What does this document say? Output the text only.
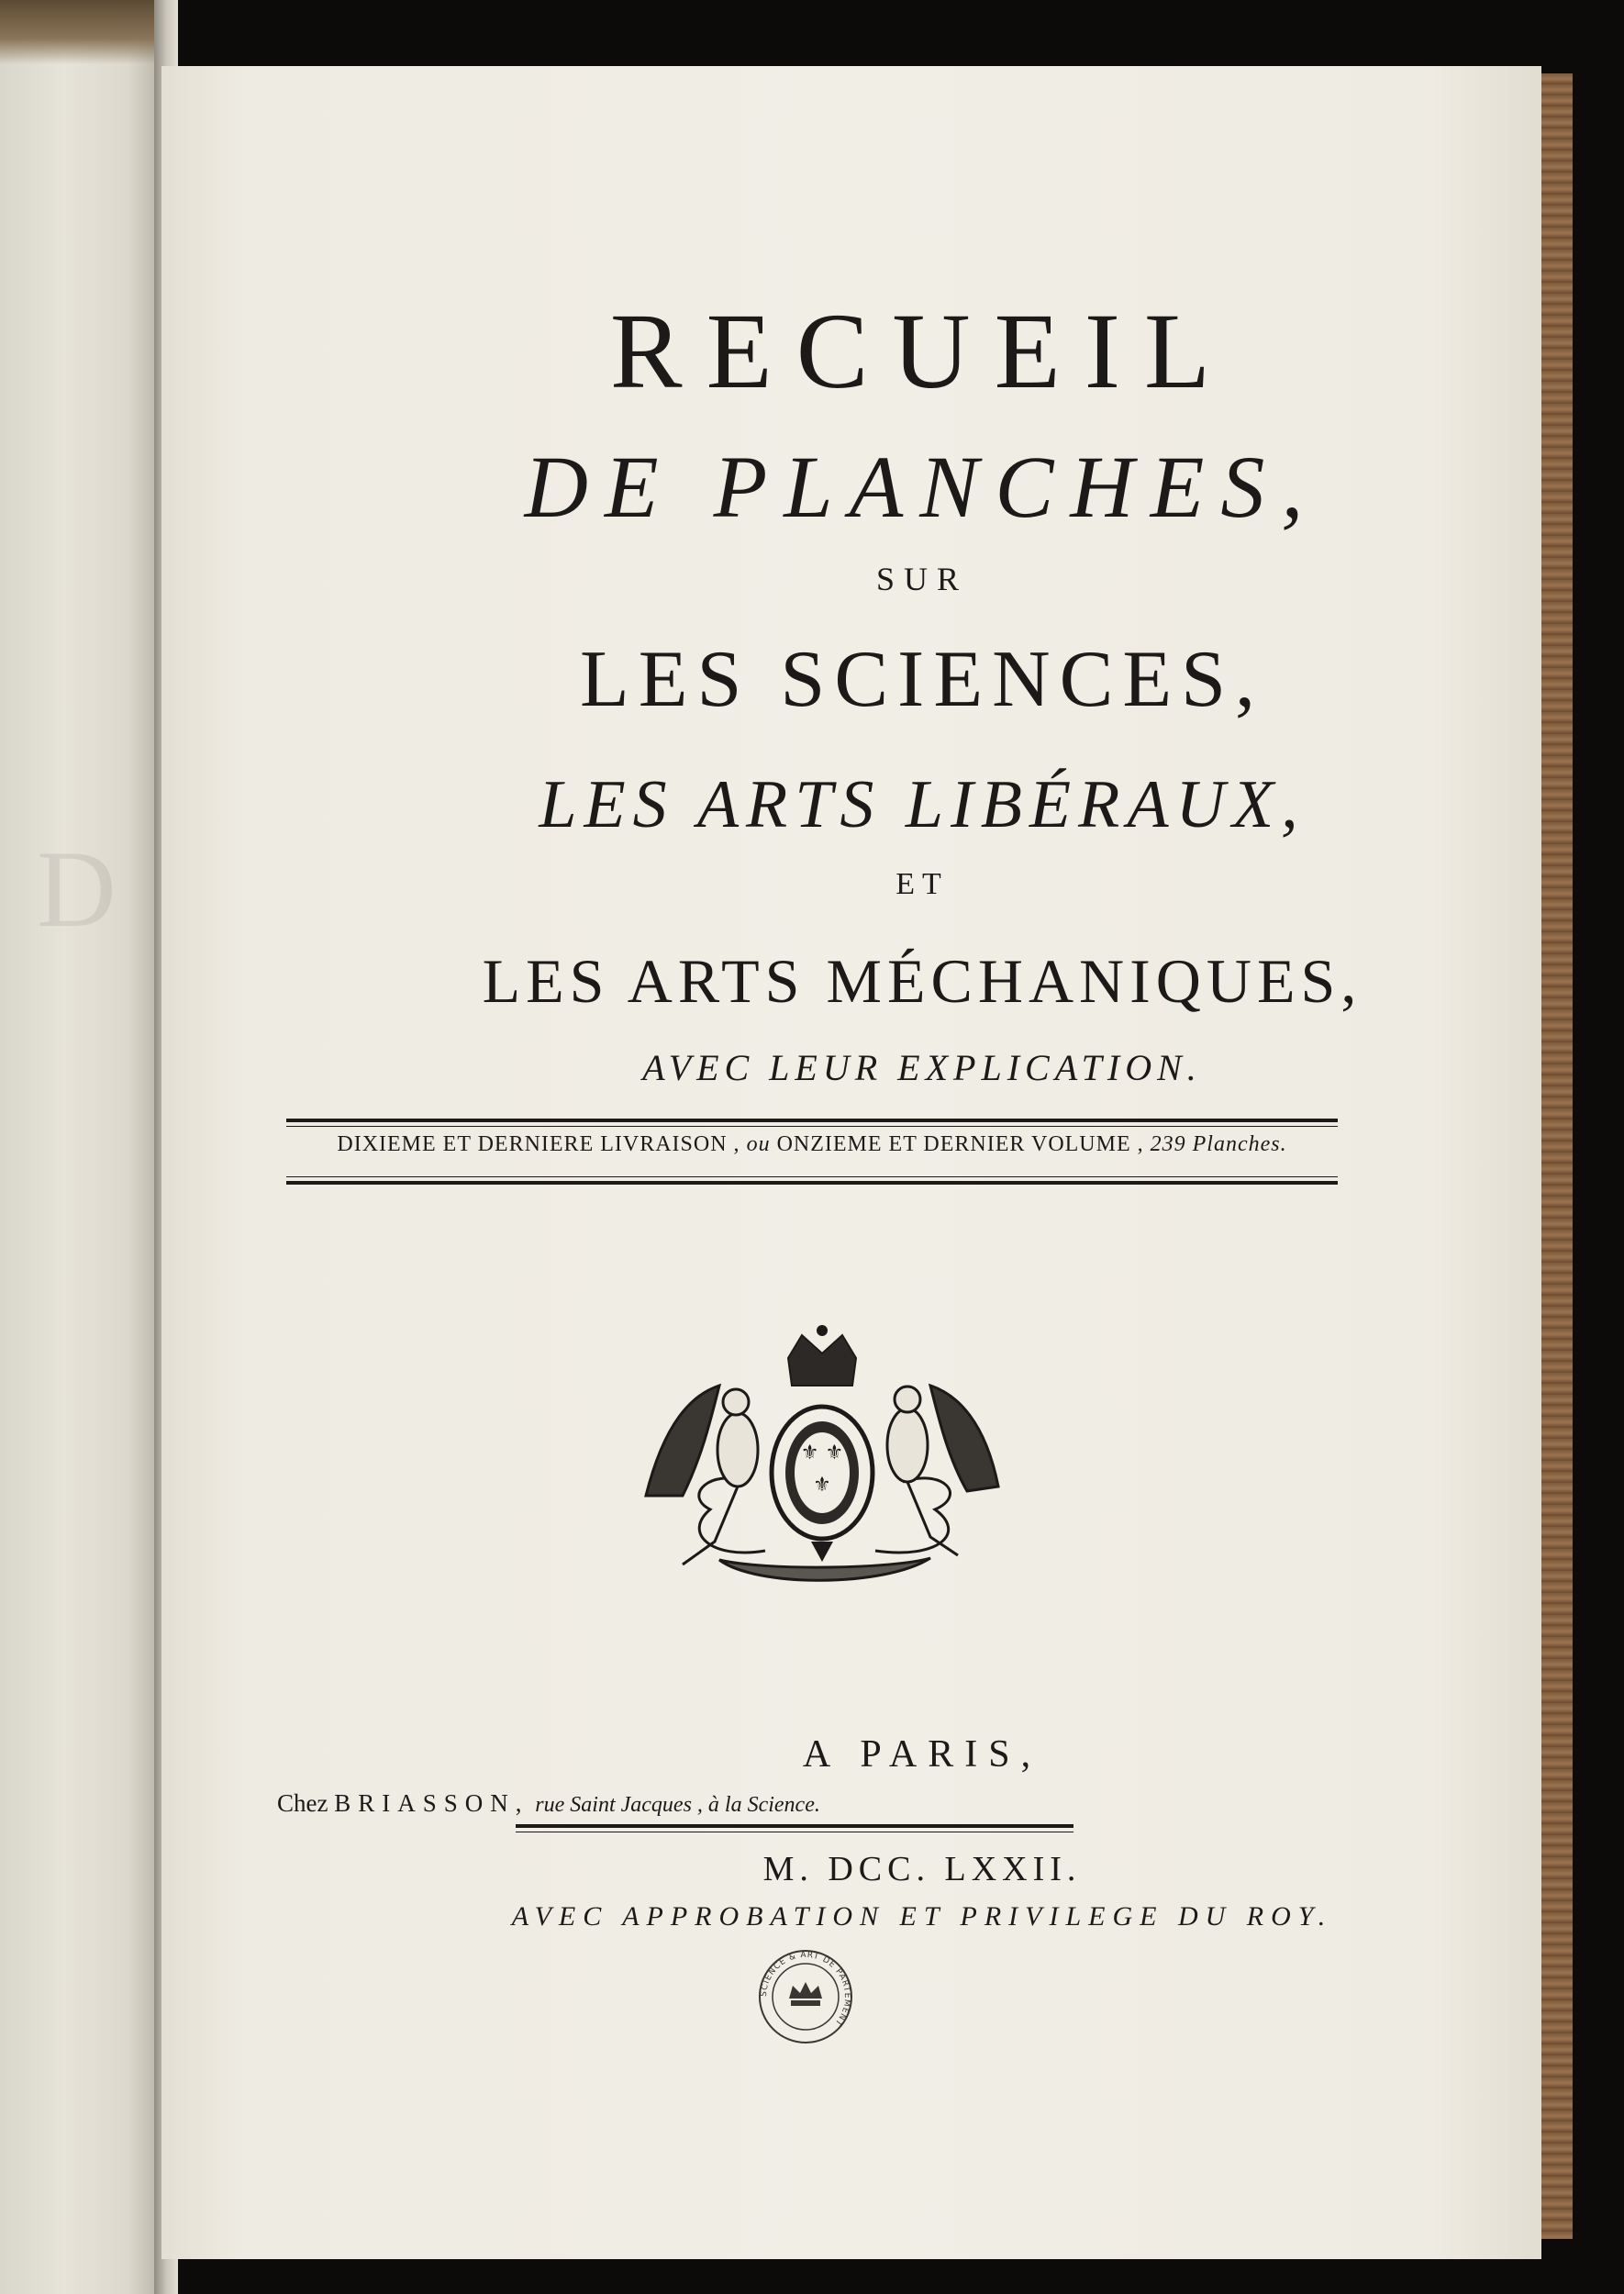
D
RECUEIL
DE PLANCHES,
SUR
LES SCIENCES,
LES ARTS LIBÉRAUX,
ET
LES ARTS MÉCHANIQUES,
AVEC LEUR EXPLICATION.
DIXIEME ET DERNIERE LIVRAISON , ou ONZIEME ET DERNIER VOLUME , 239 Planches.
⚜ ⚜
⚜
A PARIS,
Chez BRIASSON, rue Saint Jacques , à la Science.
M. DCC. LXXII.
AVEC APPROBATION ET PRIVILEGE DU ROY.
SCIENCE & ART DE PARTEMENT
